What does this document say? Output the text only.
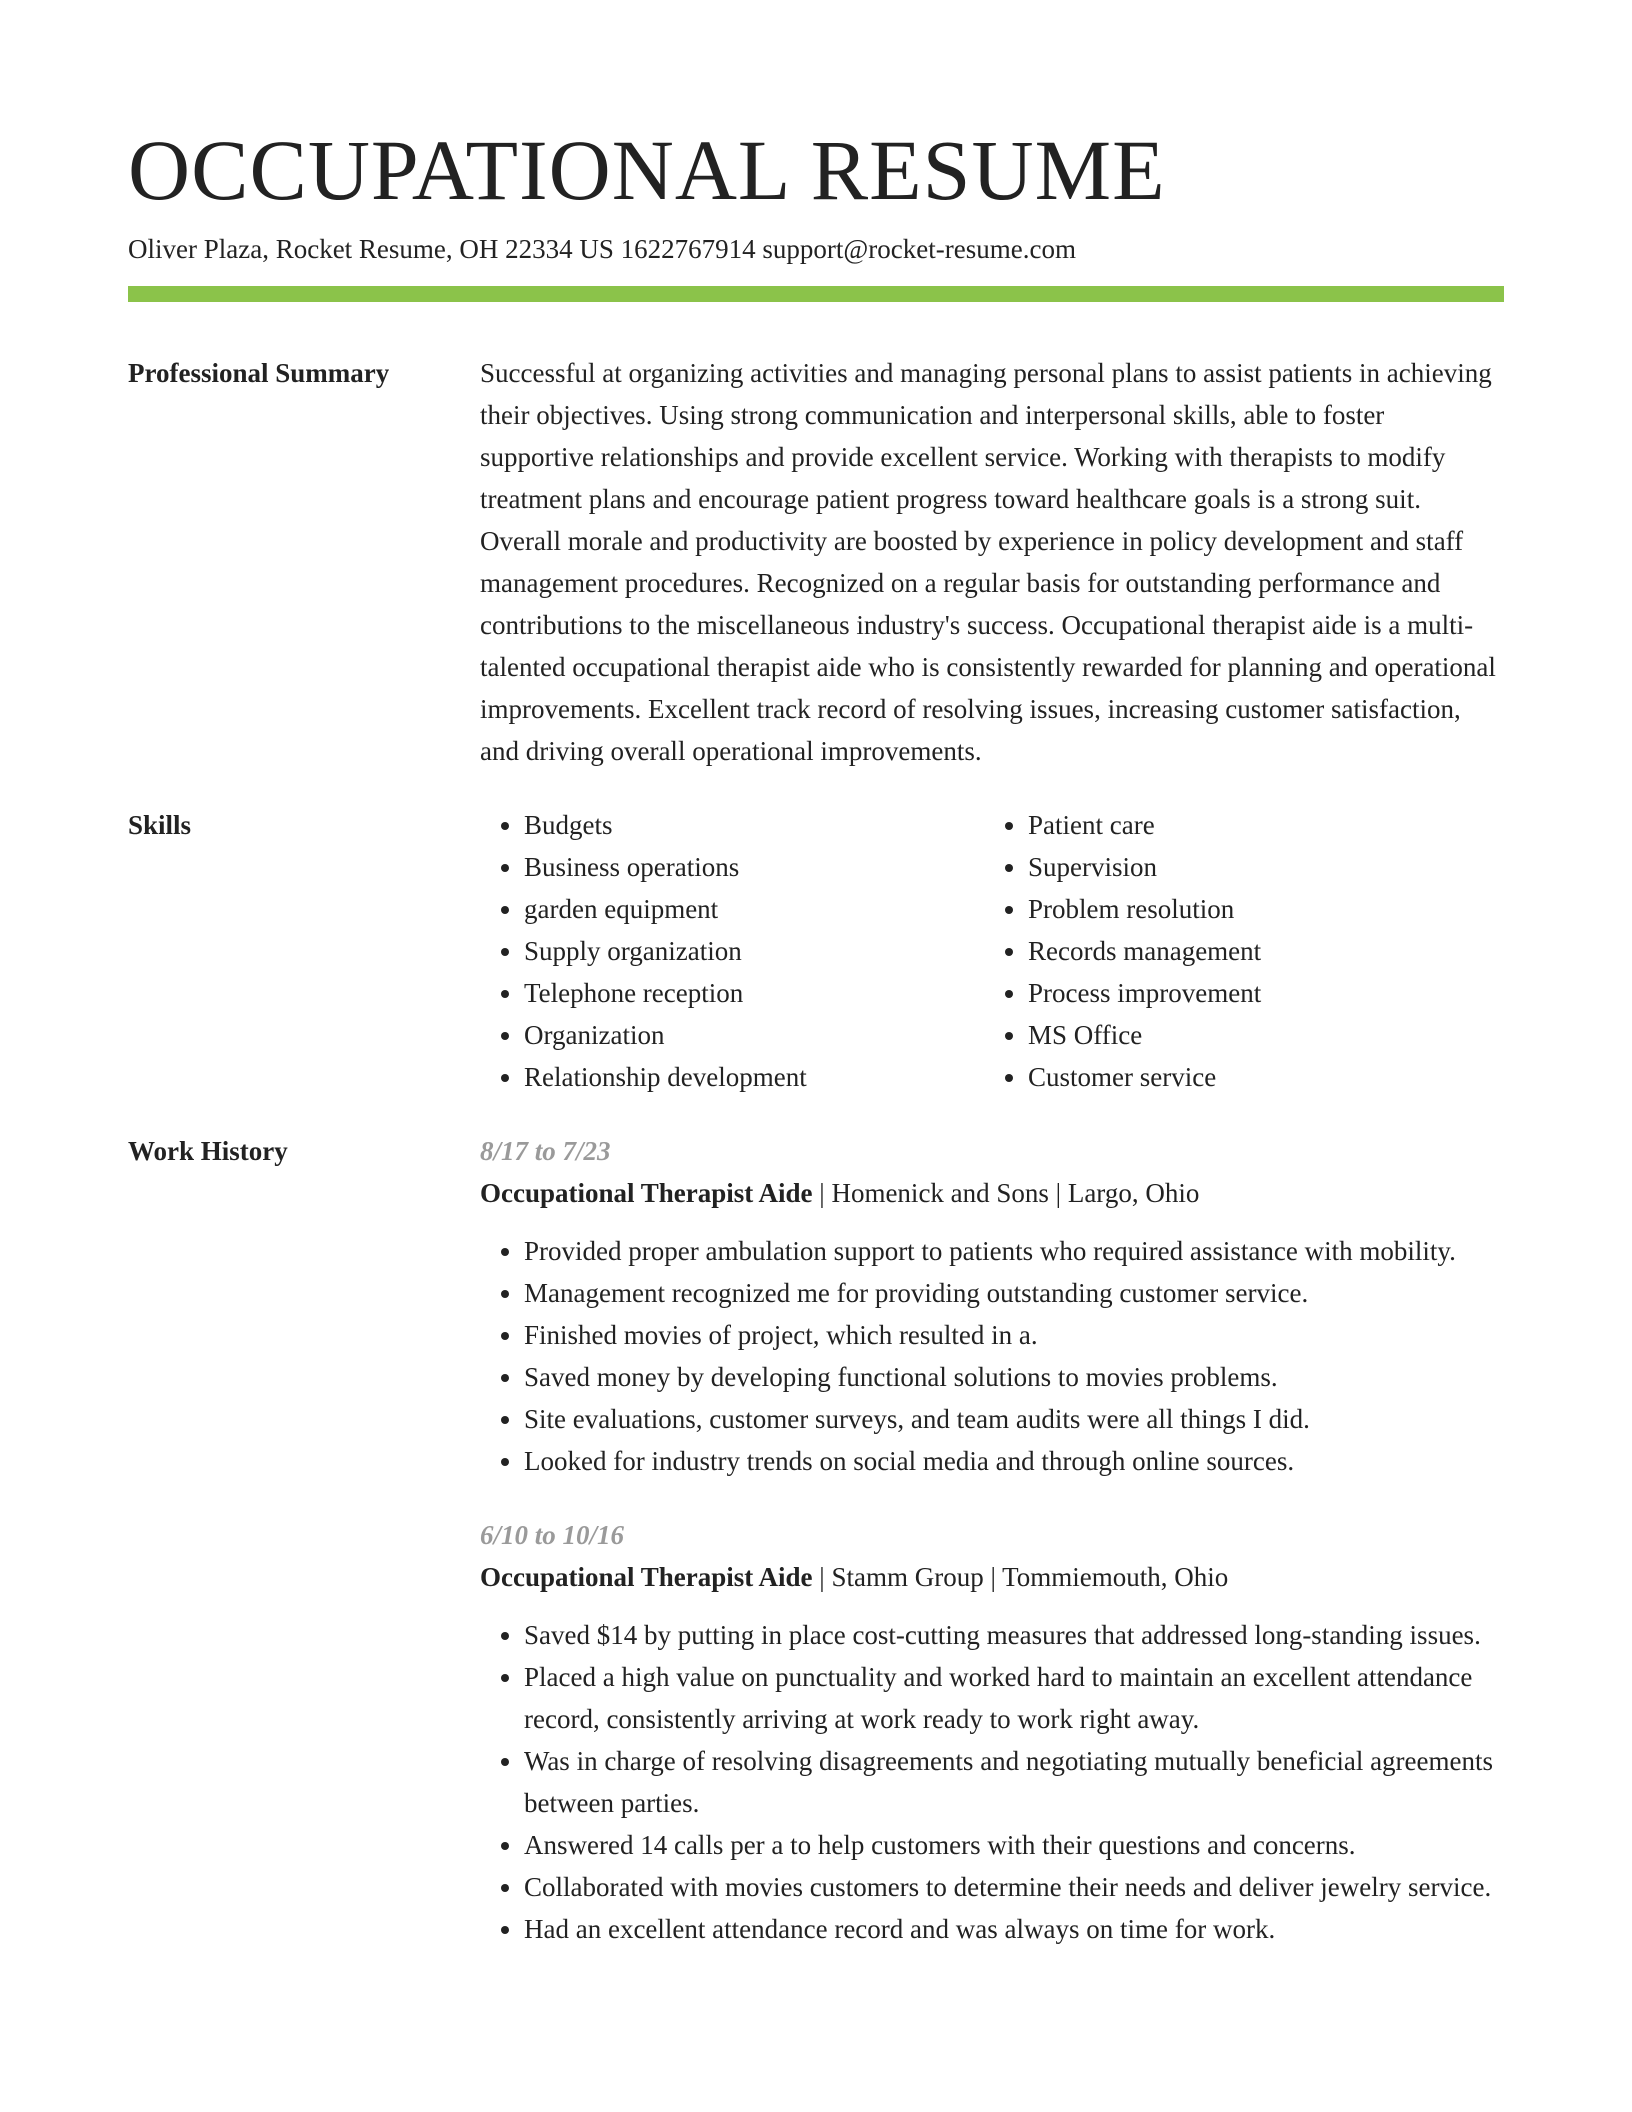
OCCUPATIONAL RESUME
Oliver Plaza, Rocket Resume, OH 22334 US 1622767914 support@rocket-resume.com
Professional Summary	Successful at organizing activities and managing personal plans to assist patients in achieving their objectives. Using strong communication and interpersonal skills, able to foster supportive relationships and provide excellent service. Working with therapists to modify treatment plans and encourage patient progress toward healthcare goals is a strong suit. Overall morale and productivity are boosted by experience in policy development and staff management procedures. Recognized on a regular basis for outstanding performance and contributions to the miscellaneous industry's success. Occupational therapist aide is a multi-talented occupational therapist aide who is consistently rewarded for planning and operational improvements. Excellent track record of resolving issues, increasing customer satisfaction, and driving overall operational improvements.

Skills
•	Budgets
• Business operations
• garden equipment
• Supply organization
• Telephone reception
• Organization
• Relationship development
• Patient care
• Supervision
• Problem resolution
• Records management
• Process improvement
• MS Office
• Customer service
Work History	8/17 to 7/23
Occupational Therapist Aide | Homenick and Sons | Largo, Ohio
• Provided proper ambulation support to patients who required assistance with mobility.
• Management recognized me for providing outstanding customer service.
• Finished movies of project, which resulted in a.
• Saved money by developing functional solutions to movies problems.
• Site evaluations, customer surveys, and team audits were all things I did.
• Looked for industry trends on social media and through online sources.
6/10 to 10/16
Occupational Therapist Aide | Stamm Group | Tommiemouth, Ohio
• Saved $14 by putting in place cost-cutting measures that addressed long-standing issues.
• Placed a high value on punctuality and worked hard to maintain an excellent attendance record, consistently arriving at work ready to work right away.
• Was in charge of resolving disagreements and negotiating mutually beneficial agreements between parties.
• Answered 14 calls per a to help customers with their questions and concerns.
• Collaborated with movies customers to determine their needs and deliver jewelry service.
• Had an excellent attendance record and was always on time for work.
